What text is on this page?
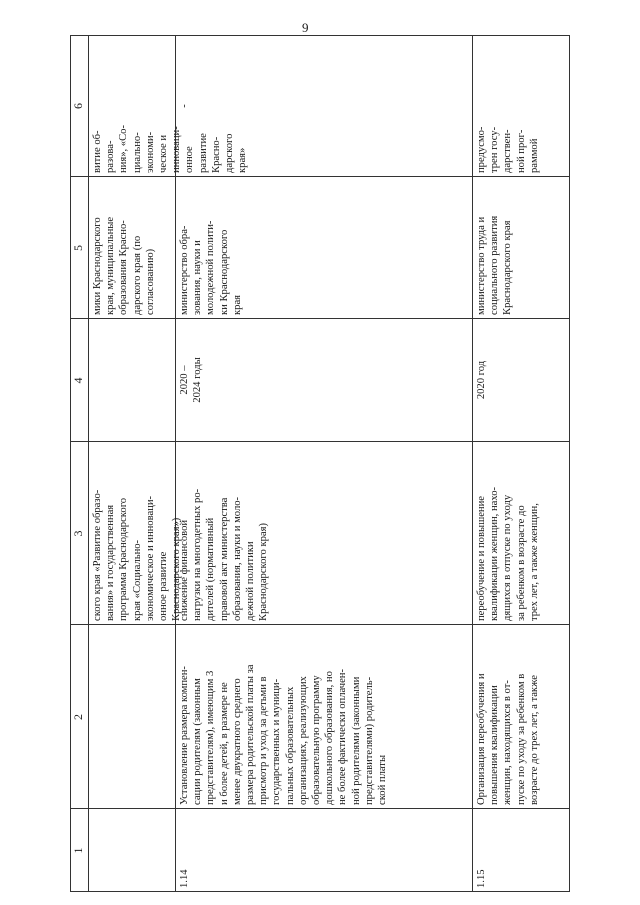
9
1
2
3
4
5
6
ского края «Развитие образо-
вания» и государственная
программа Краснодарского
края «Социально-
экономическое и инноваци-
онное развитие
Краснодарского края»)
мики Краснодарского
края, муниципальные
образования Красно-
дарского края (по
согласованию)
витие об-
разова-
ния», «Со-
циально-
экономи-
ческое и
инноваци-
онное
развитие
Красно-
дарского
края»
1.14
Установление размера компен-
сации родителям (законным
представителям), имеющим 3
и более детей, в размере не
менее двукратного среднего
размера родительской платы за
присмотр и уход за детьми в
государственных и муници-
пальных образовательных
организациях, реализующих
образовательную программу
дошкольного образования, но
не более фактически оплачен-
ной родителями (законными
представителями) родитель-
ской платы
снижение финансовой
нагрузки на многодетных ро-
дителей (нормативный
правовой акт министерства
образования, науки и моло-
дежной политики
Краснодарского края)
2020 –
2024 годы
министерство обра-
зования, науки и
молодежной полити-
ки Краснодарского
края
-
1.15
Организация переобучения и
повышения квалификации
женщин, находящихся в от-
пуске по уходу за ребенком в
возрасте до трех лет, а также
переобучение и повышение
квалификации женщин, нахо-
дящихся в отпуске по уходу
за ребенком в возрасте до
трех лет, а также женщин,
2020 год
министерство труда и
социального развития
Краснодарского края
предусмо-
трен госу-
дарствен-
ной прог-
раммой
